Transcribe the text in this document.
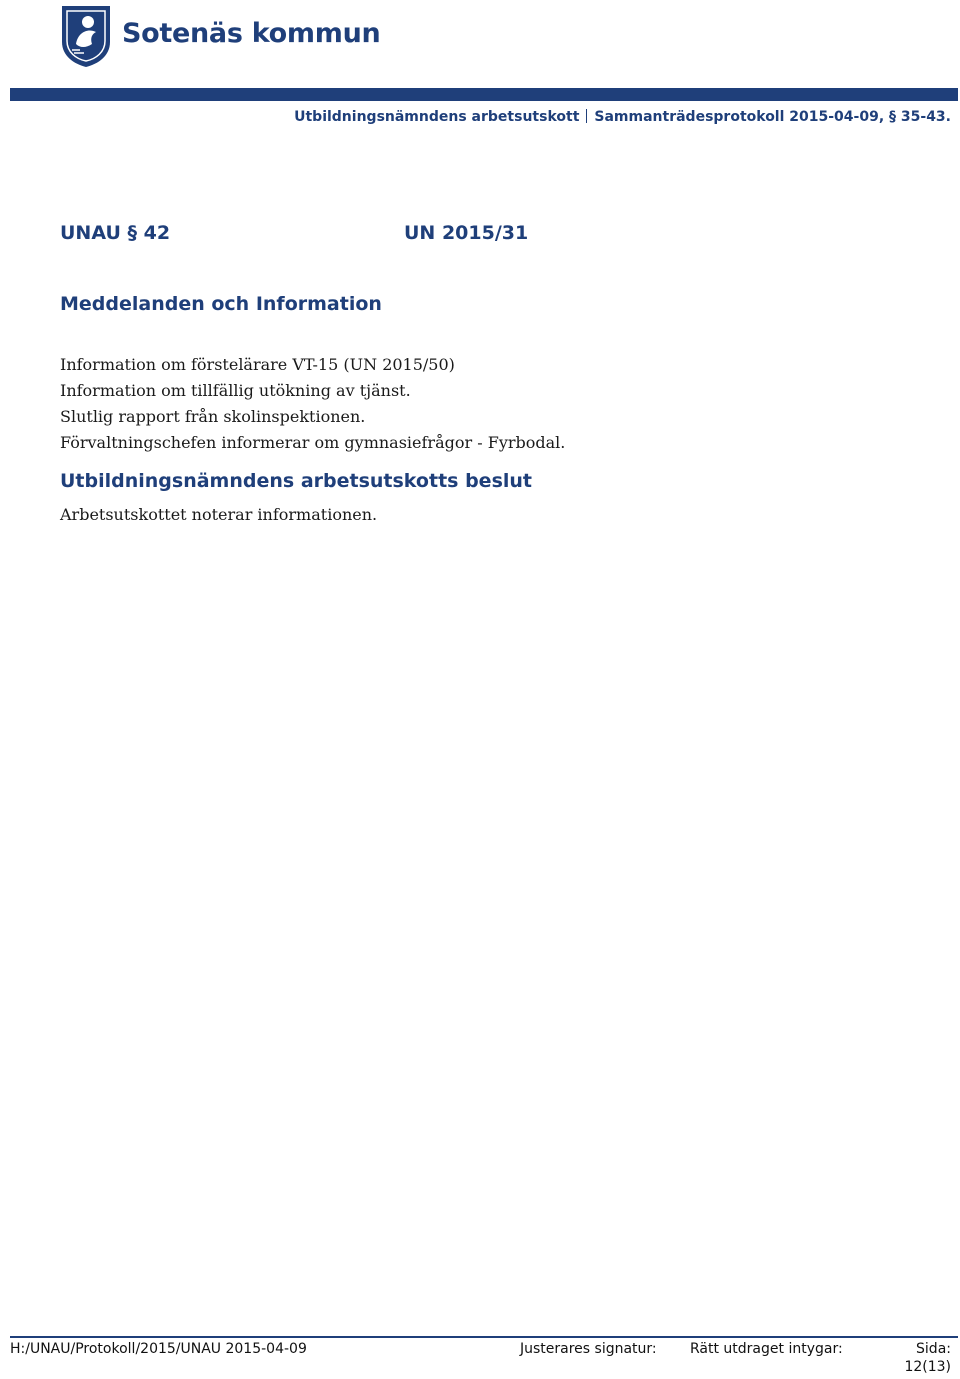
Sotenäs kommun
Utbildningsnämndens arbetsutskott Sammanträdesprotokoll 2015-04-09, § 35-43.
UNAU § 42	UN 2015/31
Meddelanden och Information
Information om förstelärare VT-15 (UN 2015/50)
Information om tillfällig utökning av tjänst.
Slutlig rapport från skolinspektionen.
Förvaltningschefen informerar om gymnasiefrågor - Fyrbodal.
Utbildningsnämndens arbetsutskotts beslut
Arbetsutskottet noterar informationen.
H:/UNAU/Protokoll/2015/UNAU 2015-04-09	Justerares signatur: Rätt utdraget intygar:	Sida:
12(13)
